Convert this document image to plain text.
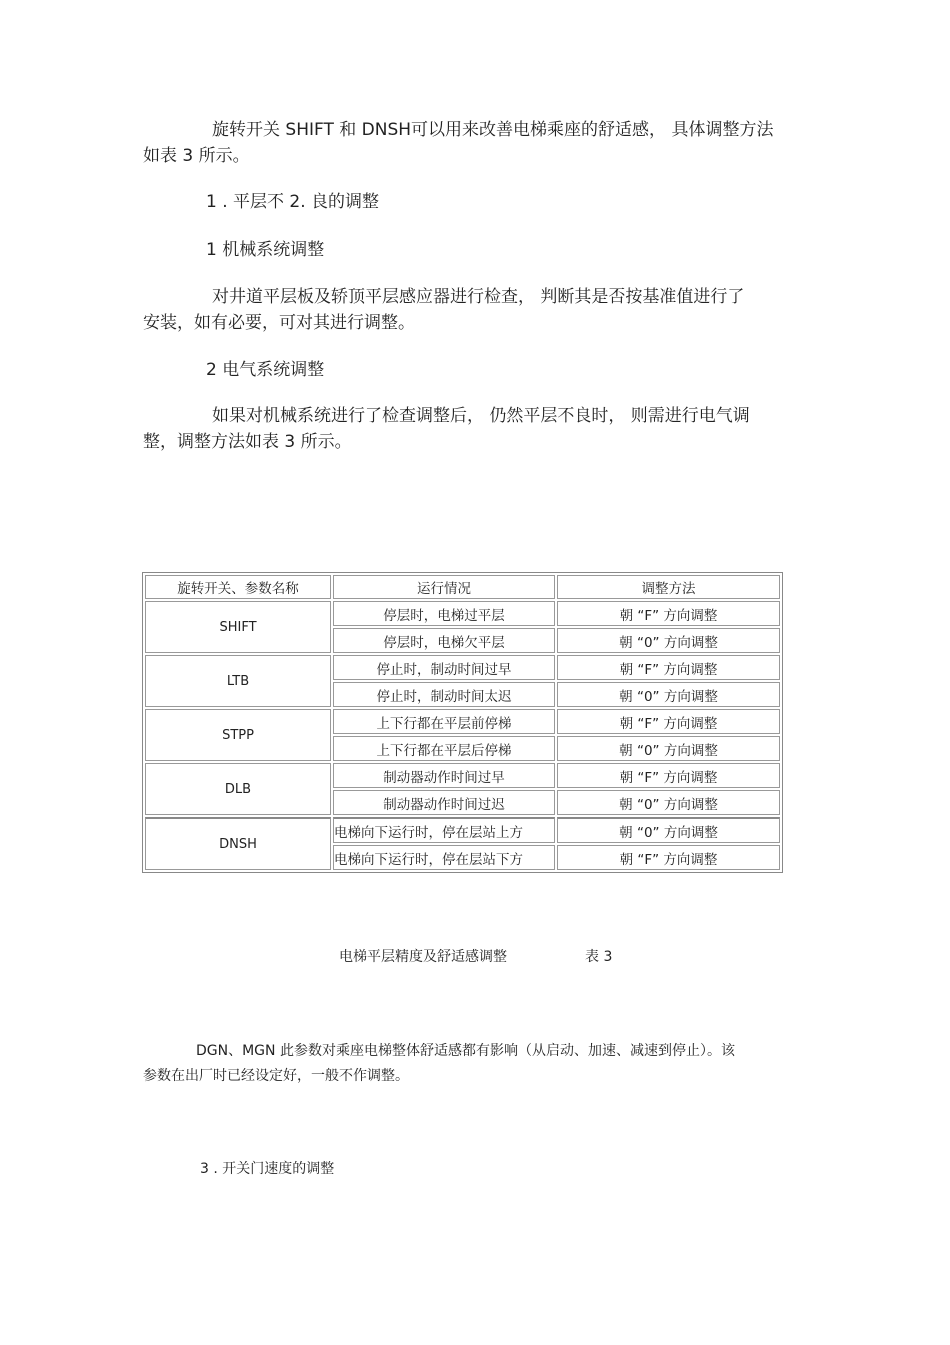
旋转开关 SHIFT 和 DNSH可以用来改善电梯乘座的舒适感， 具体调整方法
如表 3 所示。
1 . 平层不 2. 良的调整
1 机械系统调整
对井道平层板及轿顶平层感应器进行检查， 判断其是否按基准值进行了
安装，如有必要，可对其进行调整。
2 电气系统调整
如果对机械系统进行了检查调整后， 仍然平层不良时， 则需进行电气调
整，调整方法如表 3 所示。
旋转开关、参数名称	运行情况	调整方法
SHIFT	停层时，电梯过平层	朝 “F” 方向调整
	停层时，电梯欠平层	朝 “0” 方向调整
LTB	停止时，制动时间过早	朝 “F” 方向调整
	停止时，制动时间太迟	朝 “0” 方向调整
STPP	上下行都在平层前停梯	朝 “F” 方向调整
	上下行都在平层后停梯	朝 “0” 方向调整
DLB	制动器动作时间过早	朝 “F” 方向调整
	制动器动作时间过迟	朝 “0” 方向调整
DNSH	电梯向下运行时，停在层站上方	朝 “0” 方向调整
	电梯向下运行时，停在层站下方	朝 “F” 方向调整
电梯平层精度及舒适感调整	表 3
DGN、MGN 此参数对乘座电梯整体舒适感都有影响（从启动、加速、减速到停止）。该
参数在出厂时已经设定好，一般不作调整。
3 . 开关门速度的调整
